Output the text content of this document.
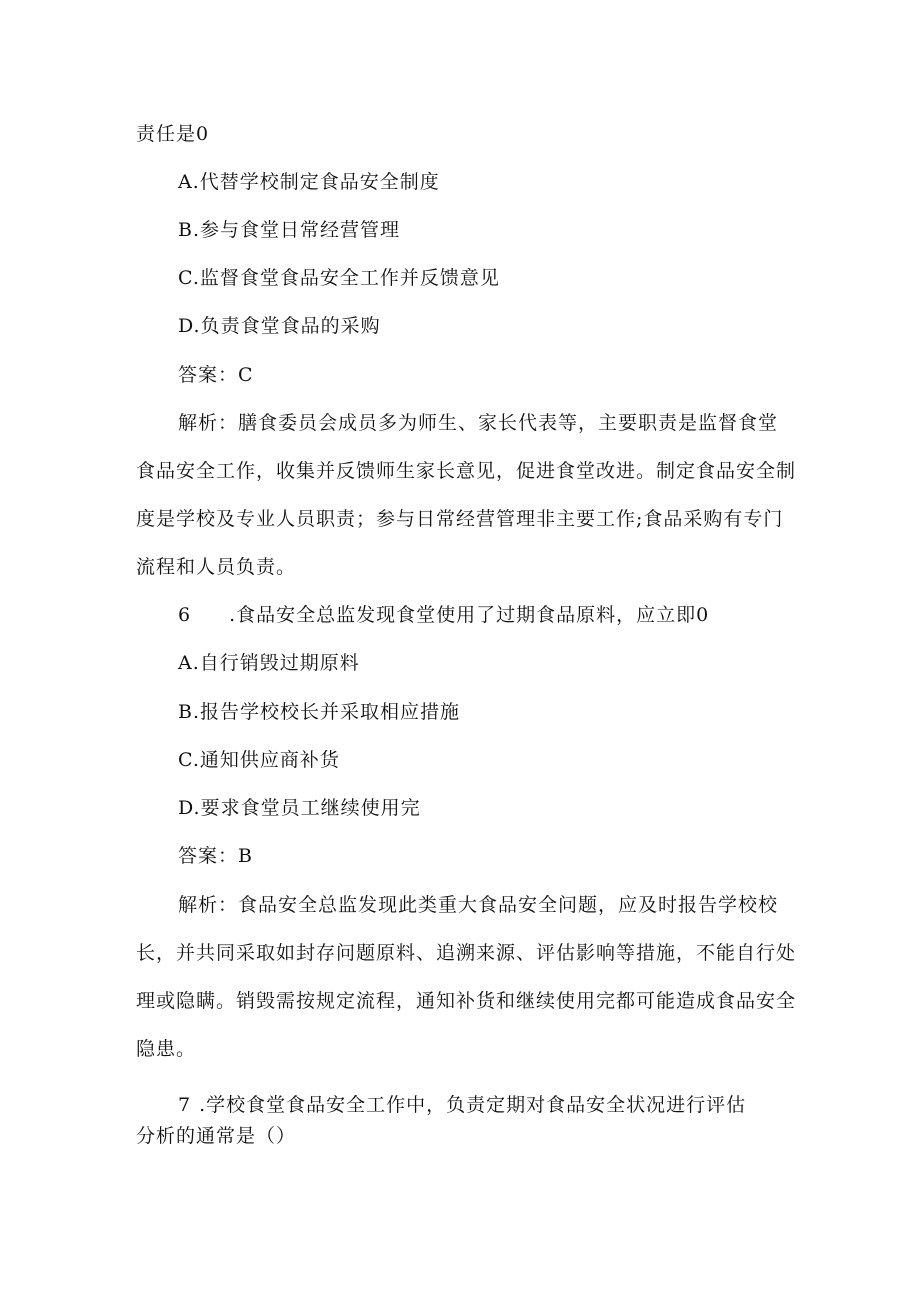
责任是0
A.代替学校制定食品安全制度
B.参与食堂日常经营管理
C.监督食堂食品安全工作并反馈意见
D.负责食堂食品的采购
答案：C
解析：膳食委员会成员多为师生、家长代表等，主要职责是监督食堂
食品安全工作，收集并反馈师生家长意见，促进食堂改进。制定食品安全制
度是学校及专业人员职责；参与日常经营管理非主要工作;食品采购有专门
流程和人员负责。
6 .食品安全总监发现食堂使用了过期食品原料，应立即0
A.自行销毁过期原料
B.报告学校校长并采取相应措施
C.通知供应商补货
D.要求食堂员工继续使用完
答案：B
解析：食品安全总监发现此类重大食品安全问题，应及时报告学校校
长，并共同采取如封存问题原料、追溯来源、评估影响等措施，不能自行处
理或隐瞒。销毁需按规定流程，通知补货和继续使用完都可能造成食品安全
隐患。
7 .学校食堂食品安全工作中，负责定期对食品安全状况进行评估
分析的通常是（）
